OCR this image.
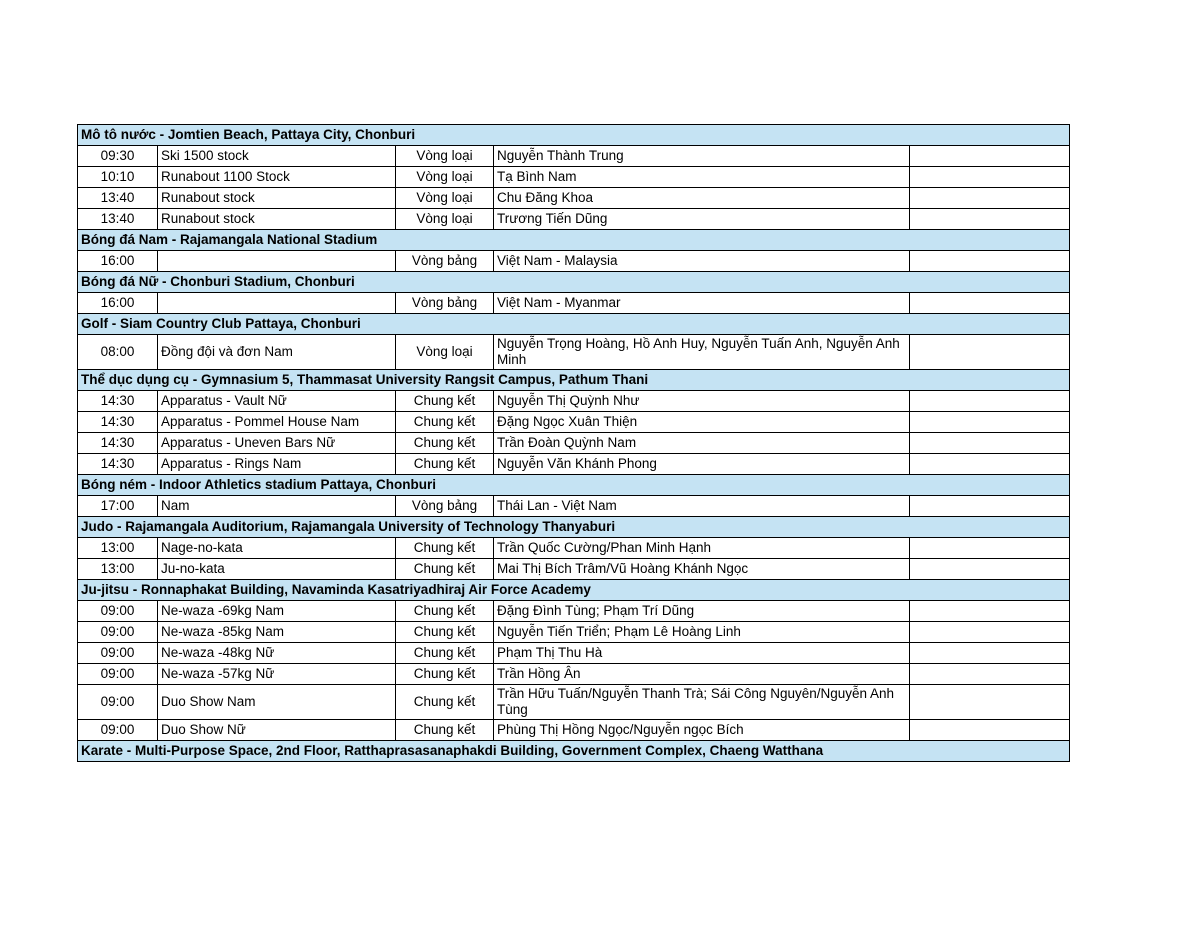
Mô tô nước - Jomtien Beach, Pattaya City, Chonburi				
09:30	Ski 1500 stock	Vòng loại	Nguyễn Thành Trung	
10:10	Runabout 1100 Stock	Vòng loại	Tạ Bình Nam	
13:40	Runabout stock	Vòng loại	Chu Đăng Khoa	
13:40	Runabout stock	Vòng loại	Trương Tiến Dũng	
Bóng đá Nam - Rajamangala National Stadium				
16:00		Vòng bảng	Việt Nam - Malaysia	
Bóng đá Nữ - Chonburi Stadium, Chonburi				
16:00		Vòng bảng	Việt Nam - Myanmar	
Golf - Siam Country Club Pattaya, Chonburi				
08:00	Đồng đội và đơn Nam	Vòng loại	Nguyễn Trọng Hoàng, Hồ Anh Huy, Nguyễn Tuấn Anh, Nguyễn Anh Minh	
Thể dục dụng cụ - Gymnasium 5, Thammasat University Rangsit Campus, Pathum Thani				
14:30	Apparatus - Vault Nữ	Chung kết	Nguyễn Thị Quỳnh Như	
14:30	Apparatus - Pommel House Nam	Chung kết	Đặng Ngọc Xuân Thiện	
14:30	Apparatus - Uneven Bars Nữ	Chung kết	Trần Đoàn Quỳnh Nam	
14:30	Apparatus - Rings Nam	Chung kết	Nguyễn Văn Khánh Phong	
Bóng ném - Indoor Athletics stadium Pattaya, Chonburi				
17:00	Nam	Vòng bảng	Thái Lan - Việt Nam	
Judo - Rajamangala Auditorium, Rajamangala University of Technology Thanyaburi				
13:00	Nage-no-kata	Chung kết	Trần Quốc Cường/Phan Minh Hạnh	
13:00	Ju-no-kata	Chung kết	Mai Thị Bích Trâm/Vũ Hoàng Khánh Ngọc	
Ju-jitsu - Ronnaphakat Building, Navaminda Kasatriyadhiraj Air Force Academy				
09:00	Ne-waza -69kg Nam	Chung kết	Đặng Đình Tùng; Phạm Trí Dũng	
09:00	Ne-waza -85kg Nam	Chung kết	Nguyễn Tiến Triển; Phạm Lê Hoàng Linh	
09:00	Ne-waza -48kg Nữ	Chung kết	Phạm Thị Thu Hà	
09:00	Ne-waza -57kg Nữ	Chung kết	Trần Hồng Ân	
09:00	Duo Show Nam	Chung kết	Trần Hữu Tuấn/Nguyễn Thanh Trà; Sái Công Nguyên/Nguyễn Anh Tùng	
09:00	Duo Show Nữ	Chung kết	Phùng Thị Hồng Ngọc/Nguyễn ngọc Bích	
Karate - Multi-Purpose Space, 2nd Floor, Ratthaprasasanaphakdi Building, Government Complex, Chaeng Watthana				
